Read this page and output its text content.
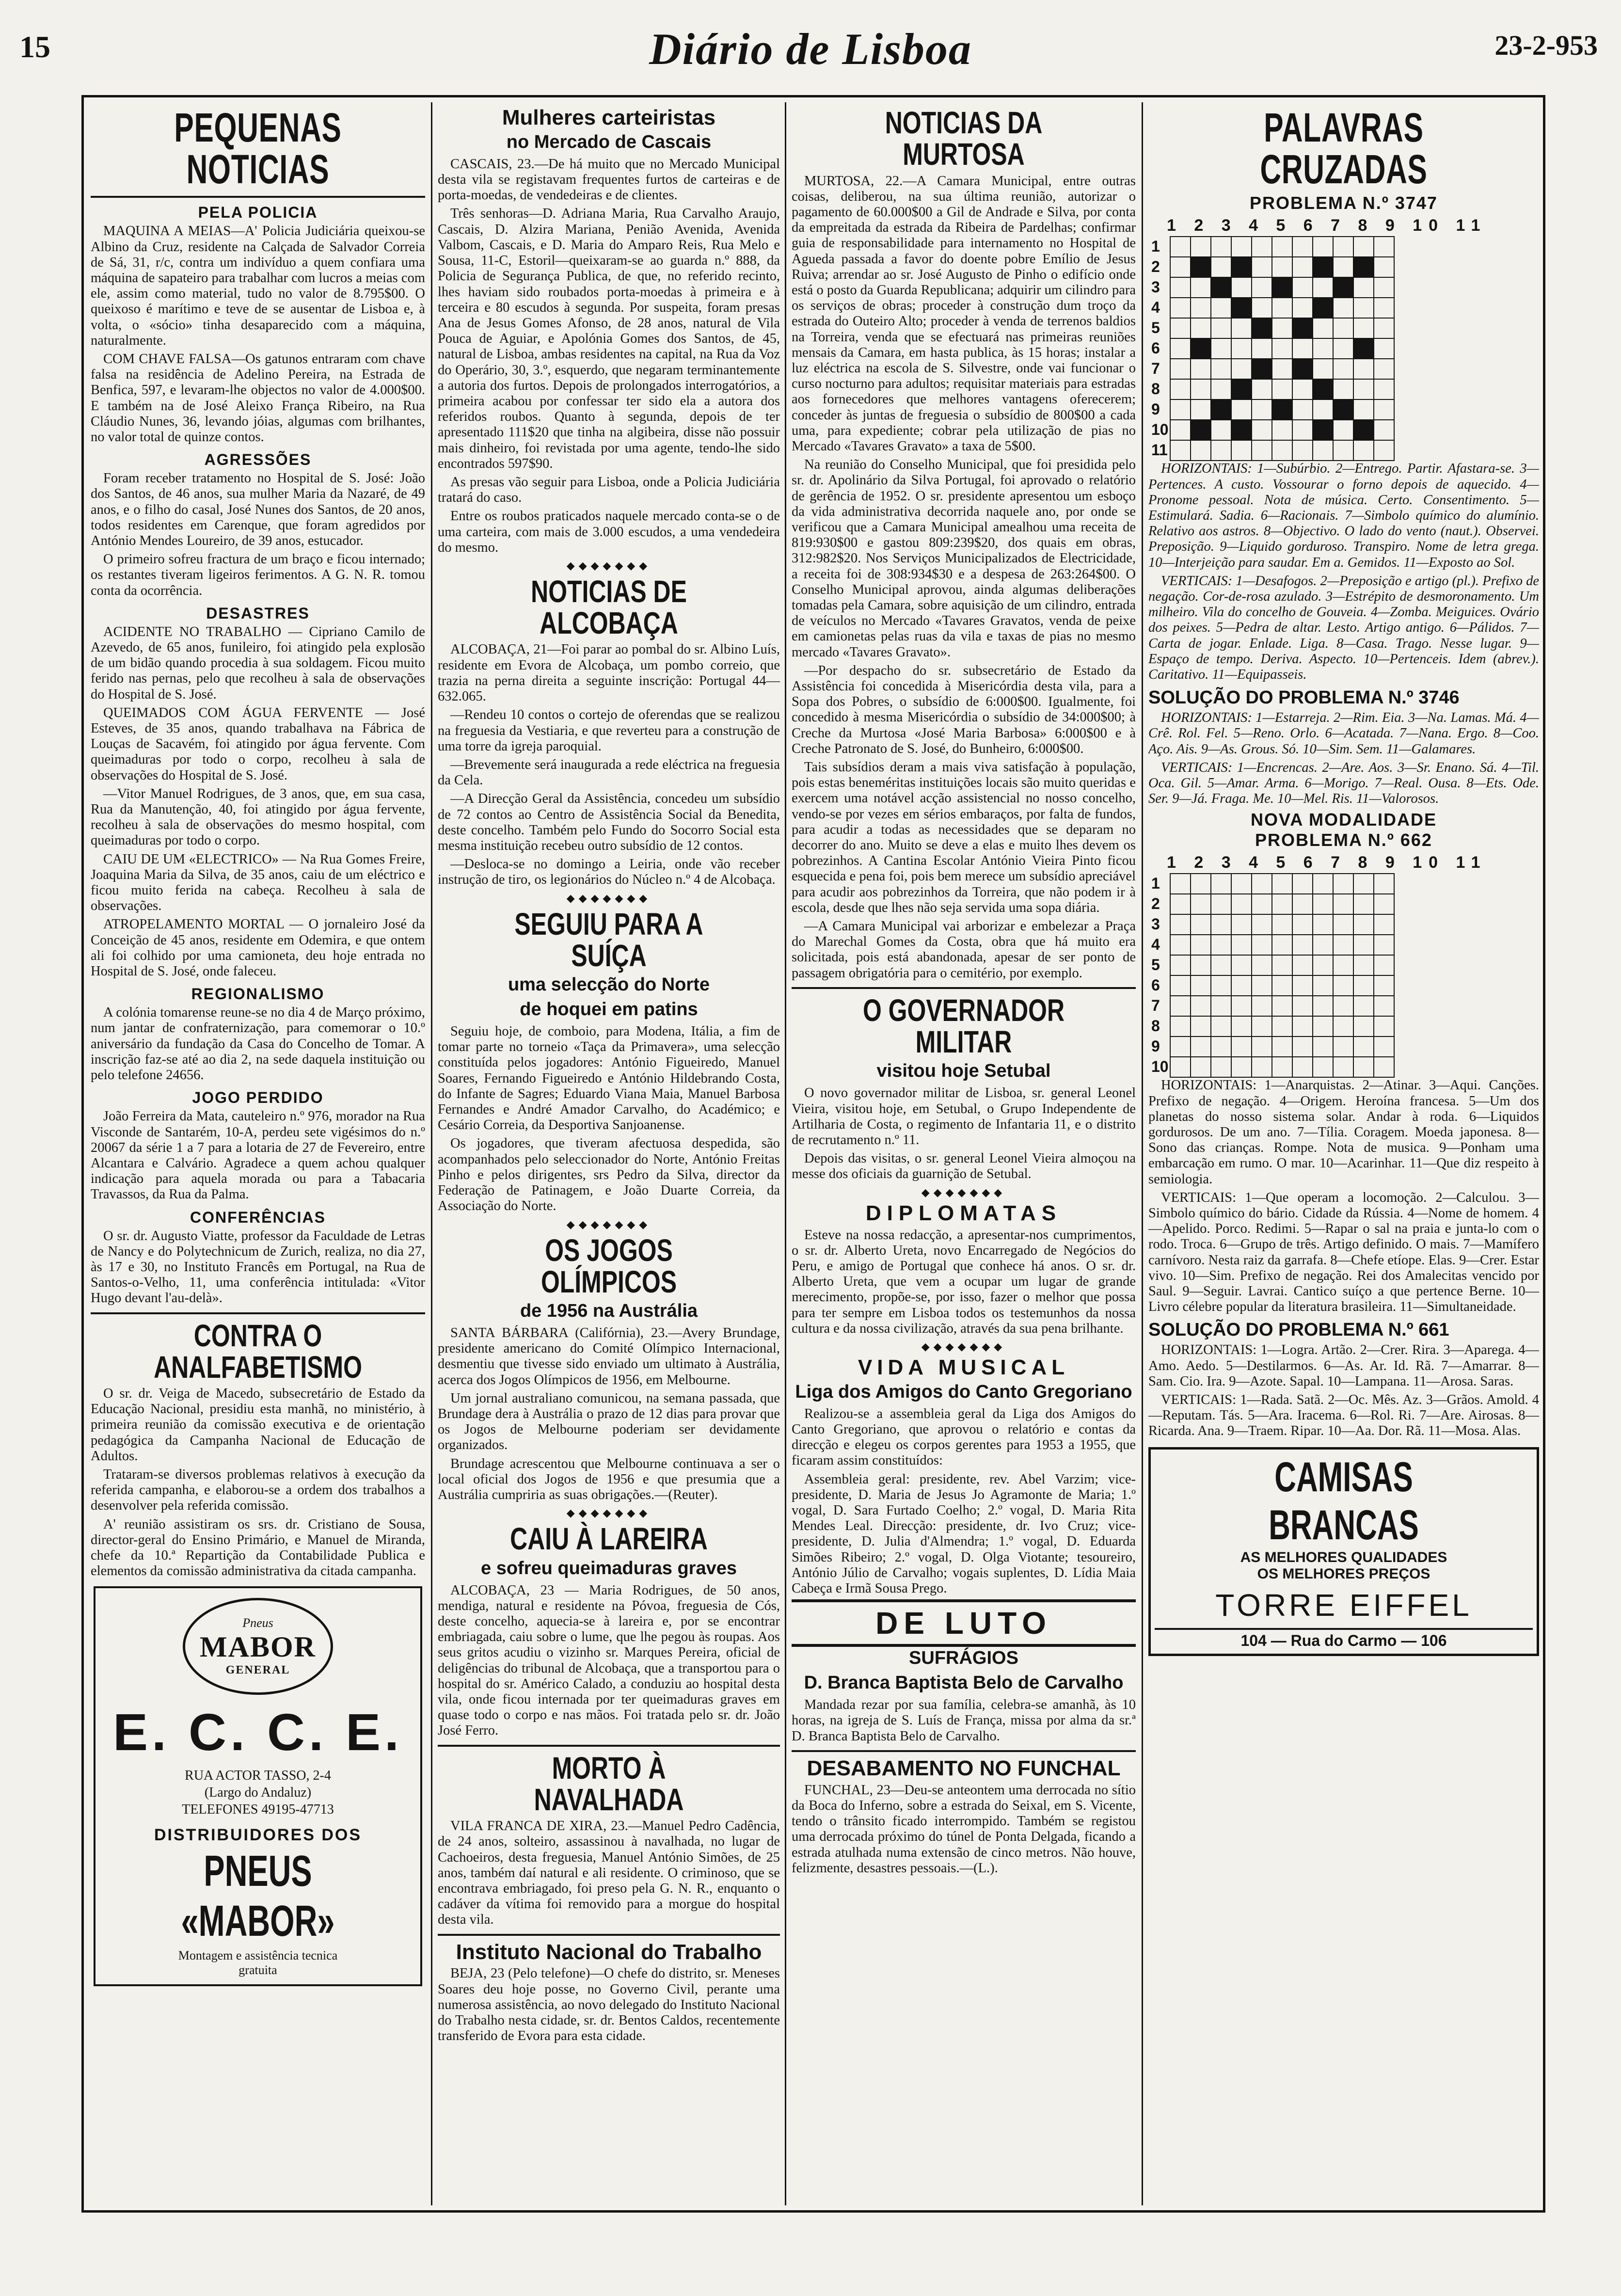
15	Diário de Lisboa	23-2-953
PEQUENAS NOTICIAS
PELA POLICIA

MAQUINA A MEIAS—A' Policia Judiciária queixou-se Albino da Cruz, residente na Calçada de Salvador Correia de Sá, 31, r/c, contra um indivíduo a quem confiara uma máquina de sapateiro para trabalhar com lucros a meias com ele, assim como material, tudo no valor de 8.795$00. O queixoso é marítimo e teve de se ausentar de Lisboa e, à volta, o «sócio» tinha desaparecido com a máquina, naturalmente.

COM CHAVE FALSA—Os gatunos entraram com chave falsa na residência de Adelino Pereira, na Estrada de Benfica, 597, e levaram-lhe objectos no valor de 4.000$00. E também na de José Aleixo França Ribeiro, na Rua Cláudio Nunes, 36, levando jóias, algumas com brilhantes, no valor total de quinze contos.

AGRESSÕES

Foram receber tratamento no Hospital de S. José: João dos Santos, de 46 anos, sua mulher Maria da Nazaré, de 49 anos, e o filho do casal, José Nunes dos Santos, de 20 anos, todos residentes em Carenque, que foram agredidos por António Mendes Loureiro, de 39 anos, estucador.

O primeiro sofreu fractura de um braço e ficou internado; os restantes tiveram ligeiros ferimentos. A G. N. R. tomou conta da ocorrência.

DESASTRES

ACIDENTE NO TRABALHO — Cipriano Camilo de Azevedo, de 65 anos, funileiro, foi atingido pela explosão de um bidão quando procedia à sua soldagem. Ficou muito ferido nas pernas, pelo que recolheu à sala de observações do Hospital de S. José.

QUEIMADOS COM ÁGUA FERVENTE — José Esteves, de 35 anos, quando trabalhava na Fábrica de Louças de Sacavém, foi atingido por água fervente. Com queimaduras por todo o corpo, recolheu à sala de observações do Hospital de S. José.

—Vitor Manuel Rodrigues, de 3 anos, que, em sua casa, Rua da Manutenção, 40, foi atingido por água fervente, recolheu à sala de observações do mesmo hospital, com queimaduras por todo o corpo.

CAIU DE UM «ELECTRICO» — Na Rua Gomes Freire, Joaquina Maria da Silva, de 35 anos, caiu de um eléctrico e ficou muito ferida na cabeça. Recolheu à sala de observações.

ATROPELAMENTO MORTAL — O jornaleiro José da Conceição de 45 anos, residente em Odemira, e que ontem ali foi colhido por uma camioneta, deu hoje entrada no Hospital de S. José, onde faleceu.

REGIONALISMO

A colónia tomarense reune-se no dia 4 de Março próximo, num jantar de confraternização, para comemorar o 10.º aniversário da fundação da Casa do Concelho de Tomar. A inscrição faz-se até ao dia 2, na sede daquela instituição ou pelo telefone 24656.

JOGO PERDIDO

João Ferreira da Mata, cauteleiro n.º 976, morador na Rua Visconde de Santarém, 10-A, perdeu sete vigésimos do n.º 20067 da série 1 a 7 para a lotaria de 27 de Fevereiro, entre Alcantara e Calvário. Agradece a quem achou qualquer indicação para aquela morada ou para a Tabacaria Travassos, da Rua da Palma.

CONFERÊNCIAS

O sr. dr. Augusto Viatte, professor da Faculdade de Letras de Nancy e do Polytechnicum de Zurich, realiza, no dia 27, às 17 e 30, no Instituto Francês em Portugal, na Rua de Santos-o-Velho, 11, uma conferência intitulada: «Vitor Hugo devant l'au-delà».

CONTRA O ANALFABETISMO

O sr. dr. Veiga de Macedo, subsecretário de Estado da Educação Nacional, presidiu esta manhã, no ministério, à primeira reunião da comissão executiva e de orientação pedagógica da Campanha Nacional de Educação de Adultos.

Trataram-se diversos problemas relativos à execução da referida campanha, e elaborou-se a ordem dos trabalhos a desenvolver pela referida comissão.

A' reunião assistiram os srs. dr. Cristiano de Sousa, director-geral do Ensino Primário, e Manuel de Miranda, chefe da 10.ª Repartição da Contabilidade Publica e elementos da comissão administrativa da citada campanha.

Pneus
MABOR
GENERAL
E. C. C. E.
RUA ACTOR TASSO, 2-4
(Largo do Andaluz)
TELEFONES 49195-47713
DISTRIBUIDORES DOS
PNEUS «MABOR»
Montagem e assistência tecnica
gratuita
Mulheres carteiristas
no Mercado de Cascais

CASCAIS, 23.—De há muito que no Mercado Municipal desta vila se registavam frequentes furtos de carteiras e de porta-moedas, de vendedeiras e de clientes.

Três senhoras—D. Adriana Maria, Rua Carvalho Araujo, Cascais, D. Alzira Mariana, Penião Avenida, Avenida Valbom, Cascais, e D. Maria do Amparo Reis, Rua Melo e Sousa, 11-C, Estoril—queixaram-se ao guarda n.º 888, da Policia de Segurança Publica, de que, no referido recinto, lhes haviam sido roubados porta-moedas à primeira e à terceira e 80 escudos à segunda. Por suspeita, foram presas Ana de Jesus Gomes Afonso, de 28 anos, natural de Vila Pouca de Aguiar, e Apolónia Gomes dos Santos, de 45, natural de Lisboa, ambas residentes na capital, na Rua da Voz do Operário, 30, 3.º, esquerdo, que negaram terminantemente a autoria dos furtos. Depois de prolongados interrogatórios, a primeira acabou por confessar ter sido ela a autora dos referidos roubos. Quanto à segunda, depois de ter apresentado 111$20 que tinha na algibeira, disse não possuir mais dinheiro, foi revistada por uma agente, tendo-lhe sido encontrados 597$90.

As presas vão seguir para Lisboa, onde a Policia Judiciária tratará do caso.

Entre os roubos praticados naquele mercado conta-se o de uma carteira, com mais de 3.000 escudos, a uma vendedeira do mesmo.

◆◆◆◆◆◆◆
NOTICIAS DE ALCOBAÇA

ALCOBAÇA, 21—Foi parar ao pombal do sr. Albino Luís, residente em Evora de Alcobaça, um pombo correio, que trazia na perna direita a seguinte inscrição: Portugal 44—632.065.

—Rendeu 10 contos o cortejo de oferendas que se realizou na freguesia da Vestiaria, e que reverteu para a construção de uma torre da igreja paroquial.

—Brevemente será inaugurada a rede eléctrica na freguesia da Cela.

—A Direcção Geral da Assistência, concedeu um subsídio de 72 contos ao Centro de Assistência Social da Benedita, deste concelho. Também pelo Fundo do Socorro Social esta mesma instituição recebeu outro subsídio de 12 contos.

—Desloca-se no domingo a Leiria, onde vão receber instrução de tiro, os legionários do Núcleo n.º 4 de Alcobaça.

◆◆◆◆◆◆◆
SEGUIU PARA A SUÍÇA
uma selecção do Norte
de hoquei em patins

Seguiu hoje, de comboio, para Modena, Itália, a fim de tomar parte no torneio «Taça da Primavera», uma selecção constituída pelos jogadores: António Figueiredo, Manuel Soares, Fernando Figueiredo e António Hildebrando Costa, do Infante de Sagres; Eduardo Viana Maia, Manuel Barbosa Fernandes e André Amador Carvalho, do Académico; e Cesário Correia, da Desportiva Sanjoanense.

Os jogadores, que tiveram afectuosa despedida, são acompanhados pelo seleccionador do Norte, António Freitas Pinho e pelos dirigentes, srs Pedro da Silva, director da Federação de Patinagem, e João Duarte Correia, da Associação do Norte.

◆◆◆◆◆◆◆
OS JOGOS OLÍMPICOS
de 1956 na Austrália

SANTA BÁRBARA (Califórnia), 23.—Avery Brundage, presidente americano do Comité Olímpico Internacional, desmentiu que tivesse sido enviado um ultimato à Austrália, acerca dos Jogos Olímpicos de 1956, em Melbourne.

Um jornal australiano comunicou, na semana passada, que Brundage dera à Austrália o prazo de 12 dias para provar que os Jogos de Melbourne poderiam ser devidamente organizados.

Brundage acrescentou que Melbourne continuava a ser o local oficial dos Jogos de 1956 e que presumia que a Austrália cumpriria as suas obrigações.—(Reuter).

◆◆◆◆◆◆◆
CAIU À LAREIRA
e sofreu queimaduras graves

ALCOBAÇA, 23 — Maria Rodrigues, de 50 anos, mendiga, natural e residente na Póvoa, freguesia de Cós, deste concelho, aquecia-se à lareira e, por se encontrar embriagada, caiu sobre o lume, que lhe pegou às roupas. Aos seus gritos acudiu o vizinho sr. Marques Pereira, oficial de deligências do tribunal de Alcobaça, que a transportou para o hospital do sr. Américo Calado, a conduziu ao hospital desta vila, onde ficou internada por ter queimaduras graves em quase todo o corpo e nas mãos. Foi tratada pelo sr. dr. João José Ferro.

MORTO À NAVALHADA

VILA FRANCA DE XIRA, 23.—Manuel Pedro Cadência, de 24 anos, solteiro, assassinou à navalhada, no lugar de Cachoeiros, desta freguesia, Manuel António Simões, de 25 anos, também daí natural e ali residente. O criminoso, que se encontrava embriagado, foi preso pela G. N. R., enquanto o cadáver da vítima foi removido para a morgue do hospital desta vila.

Instituto Nacional do Trabalho

BEJA, 23 (Pelo telefone)—O chefe do distrito, sr. Meneses Soares deu hoje posse, no Governo Civil, perante uma numerosa assistência, ao novo delegado do Instituto Nacional do Trabalho nesta cidade, sr. dr. Bentos Caldos, recentemente transferido de Evora para esta cidade.

NOTICIAS DA MURTOSA

MURTOSA, 22.—A Camara Municipal, entre outras coisas, deliberou, na sua última reunião, autorizar o pagamento de 60.000$00 a Gil de Andrade e Silva, por conta da empreitada da estrada da Ribeira de Pardelhas; confirmar guia de responsabilidade para internamento no Hospital de Agueda passada a favor do doente pobre Emílio de Jesus Ruiva; arrendar ao sr. José Augusto de Pinho o edifício onde está o posto da Guarda Republicana; adquirir um cilindro para os serviços de obras; proceder à construção dum troço da estrada do Outeiro Alto; proceder à venda de terrenos baldios na Torreira, venda que se efectuará nas primeiras reuniões mensais da Camara, em hasta publica, às 15 horas; instalar a luz eléctrica na escola de S. Silvestre, onde vai funcionar o curso nocturno para adultos; requisitar materiais para estradas aos fornecedores que melhores vantagens oferecerem; conceder às juntas de freguesia o subsídio de 800$00 a cada uma, para expediente; cobrar pela utilização de pias no Mercado «Tavares Gravato» a taxa de 5$00.

Na reunião do Conselho Municipal, que foi presidida pelo sr. dr. Apolinário da Silva Portugal, foi aprovado o relatório de gerência de 1952. O sr. presidente apresentou um esboço da vida administrativa decorrida naquele ano, por onde se verificou que a Camara Municipal amealhou uma receita de 819:930$00 e gastou 809:239$20, dos quais em obras, 312:982$20. Nos Serviços Municipalizados de Electricidade, a receita foi de 308:934$30 e a despesa de 263:264$00. O Conselho Municipal aprovou, ainda algumas deliberações tomadas pela Camara, sobre aquisição de um cilindro, entrada de veículos no Mercado «Tavares Gravatos, venda de peixe em camionetas pelas ruas da vila e taxas de pias no mesmo mercado «Tavares Gravato».

—Por despacho do sr. subsecretário de Estado da Assistência foi concedida à Misericórdia desta vila, para a Sopa dos Pobres, o subsídio de 6:000$00. Igualmente, foi concedido à mesma Misericórdia o subsídio de 34:000$00; à Creche da Murtosa «José Maria Barbosa» 6:000$00 e à Creche Patronato de S. José, do Bunheiro, 6:000$00.

Tais subsídios deram a mais viva satisfação à população, pois estas beneméritas instituições locais são muito queridas e exercem uma notável acção assistencial no nosso concelho, vendo-se por vezes em sérios embaraços, por falta de fundos, para acudir a todas as necessidades que se deparam no decorrer do ano. Muito se deve a elas e muito lhes devem os pobrezinhos. A Cantina Escolar António Vieira Pinto ficou esquecida e pena foi, pois bem merece um subsídio apreciável para acudir aos pobrezinhos da Torreira, que não podem ir à escola, desde que lhes não seja servida uma sopa diária.

—A Camara Municipal vai arborizar e embelezar a Praça do Marechal Gomes da Costa, obra que há muito era solicitada, pois está abandonada, apesar de ser ponto de passagem obrigatória para o cemitério, por exemplo.

O GOVERNADOR MILITAR
visitou hoje Setubal

O novo governador militar de Lisboa, sr. general Leonel Vieira, visitou hoje, em Setubal, o Grupo Independente de Artilharia de Costa, o regimento de Infantaria 11, e o distrito de recrutamento n.º 11.

Depois das visitas, o sr. general Leonel Vieira almoçou na messe dos oficiais da guarnição de Setubal.

◆◆◆◆◆◆◆
DIPLOMATAS

Esteve na nossa redacção, a apresentar-nos cumprimentos, o sr. dr. Alberto Ureta, novo Encarregado de Negócios do Peru, e amigo de Portugal que conhece há anos. O sr. dr. Alberto Ureta, que vem a ocupar um lugar de grande merecimento, propõe-se, por isso, fazer o melhor que possa para ter sempre em Lisboa todos os testemunhos da nossa cultura e da nossa civilização, através da sua pena brilhante.

◆◆◆◆◆◆◆
VIDA MUSICAL
Liga dos Amigos do Canto Gregoriano

Realizou-se a assembleia geral da Liga dos Amigos do Canto Gregoriano, que aprovou o relatório e contas da direcção e elegeu os corpos gerentes para 1953 a 1955, que ficaram assim constituídos:

Assembleia geral: presidente, rev. Abel Varzim; vice-presidente, D. Maria de Jesus Jo Agramonte de Maria; 1.º vogal, D. Sara Furtado Coelho; 2.º vogal, D. Maria Rita Mendes Leal. Direcção: presidente, dr. Ivo Cruz; vice-presidente, D. Julia d'Almendra; 1.º vogal, D. Eduarda Simões Ribeiro; 2.º vogal, D. Olga Viotante; tesoureiro, António Júlio de Carvalho; vogais suplentes, D. Lídia Maia Cabeça e Irmã Sousa Prego.

DE LUTO
SUFRÁGIOS
D. Branca Baptista Belo de Carvalho

Mandada rezar por sua família, celebra-se amanhã, às 10 horas, na igreja de S. Luís de França, missa por alma da sr.ª D. Branca Baptista Belo de Carvalho.

DESABAMENTO NO FUNCHAL

FUNCHAL, 23—Deu-se anteontem uma derrocada no sítio da Boca do Inferno, sobre a estrada do Seixal, em S. Vicente, tendo o trânsito ficado interrompido. Também se registou uma derrocada próximo do túnel de Ponta Delgada, ficando a estrada atulhada numa extensão de cinco metros. Não houve, felizmente, desastres pessoais.—(L.).

PALAVRAS CRUZADAS
PROBLEMA N.º 3747
1 2 3 4 5 6 7 8 9 10 11
1
2
3
4
5
6
7
8
9
10
11

HORIZONTAIS: 1—Subúrbio. 2—Entrego. Partir. Afastara-se. 3—Pertences. A custo. Vossourar o forno depois de aquecido. 4—Pronome pessoal. Nota de música. Certo. Consentimento. 5—Estimulará. Sadia. 6—Racionais. 7—Simbolo químico do alumínio. Relativo aos astros. 8—Objectivo. O lado do vento (naut.). Observei. Preposição. 9—Liquido gorduroso. Transpiro. Nome de letra grega. 10—Interjeição para saudar. Em a. Gemidos. 11—Exposto ao Sol.

VERTICAIS: 1—Desafogos. 2—Preposição e artigo (pl.). Prefixo de negação. Cor-de-rosa azulado. 3—Estrépito de desmoronamento. Um milheiro. Vila do concelho de Gouveia. 4—Zomba. Meiguices. Ovário dos peixes. 5—Pedra de altar. Lesto. Artigo antigo. 6—Pálidos. 7—Carta de jogar. Enlade. Liga. 8—Casa. Trago. Nesse lugar. 9—Espaço de tempo. Deriva. Aspecto. 10—Pertenceis. Idem (abrev.). Caritativo. 11—Equipasseis.

SOLUÇÃO DO PROBLEMA N.º 3746

HORIZONTAIS: 1—Estarreja. 2—Rim. Eia. 3—Na. Lamas. Má. 4—Crê. Rol. Fel. 5—Reno. Orlo. 6—Acatada. 7—Nana. Ergo. 8—Coo. Aço. Ais. 9—As. Grous. Só. 10—Sim. Sem. 11—Galamares.

VERTICAIS: 1—Encrencas. 2—Are. Aos. 3—Sr. Enano. Sá. 4—Til. Oca. Gil. 5—Amar. Arma. 6—Morigo. 7—Real. Ousa. 8—Ets. Ode. Ser. 9—Já. Fraga. Me. 10—Mel. Ris. 11—Valorosos.

NOVA MODALIDADE
PROBLEMA N.º 662
1 2 3 4 5 6 7 8 9 10 11
1
2
3
4
5
6
7
8
9
10

HORIZONTAIS: 1—Anarquistas. 2—Atinar. 3—Aqui. Canções. Prefixo de negação. 4—Origem. Heroína francesa. 5—Um dos planetas do nosso sistema solar. Andar à roda. 6—Liquidos gordurosos. De um ano. 7—Tília. Coragem. Moeda japonesa. 8—Sono das crianças. Rompe. Nota de musica. 9—Ponham uma embarcação em rumo. O mar. 10—Acarinhar. 11—Que diz respeito à semiologia.

VERTICAIS: 1—Que operam a locomoção. 2—Calculou. 3—Simbolo químico do bário. Cidade da Rússia. 4—Nome de homem. 4—Apelido. Porco. Redimi. 5—Rapar o sal na praia e junta-lo com o rodo. Troca. 6—Grupo de três. Artigo definido. O mais. 7—Mamífero carnívoro. Nesta raiz da garrafa. 8—Chefe etíope. Elas. 9—Crer. Estar vivo. 10—Sim. Prefixo de negação. Rei dos Amalecitas vencido por Saul. 9—Seguir. Lavrai. Cantico suíço a que pertence Berne. 10—Livro célebre popular da literatura brasileira. 11—Simultaneidade.

SOLUÇÃO DO PROBLEMA N.º 661

HORIZONTAIS: 1—Logra. Artão. 2—Crer. Rira. 3—Aparega. 4—Amo. Aedo. 5—Destilarmos. 6—As. Ar. Id. Rã. 7—Amarrar. 8—Sam. Cio. Ira. 9—Azote. Sapal. 10—Lampana. 11—Arosa. Saras.

VERTICAIS: 1—Rada. Satã. 2—Oc. Mês. Az. 3—Grãos. Amold. 4—Reputam. Tás. 5—Ara. Iracema. 6—Rol. Ri. 7—Are. Airosas. 8—Ricarda. Ana. 9—Traem. Ripar. 10—Aa. Dor. Rã. 11—Mosa. Alas.

CAMISAS BRANCAS
AS MELHORES QUALIDADES
OS MELHORES PREÇOS
TORRE EIFFEL
104 — Rua do Carmo — 106
